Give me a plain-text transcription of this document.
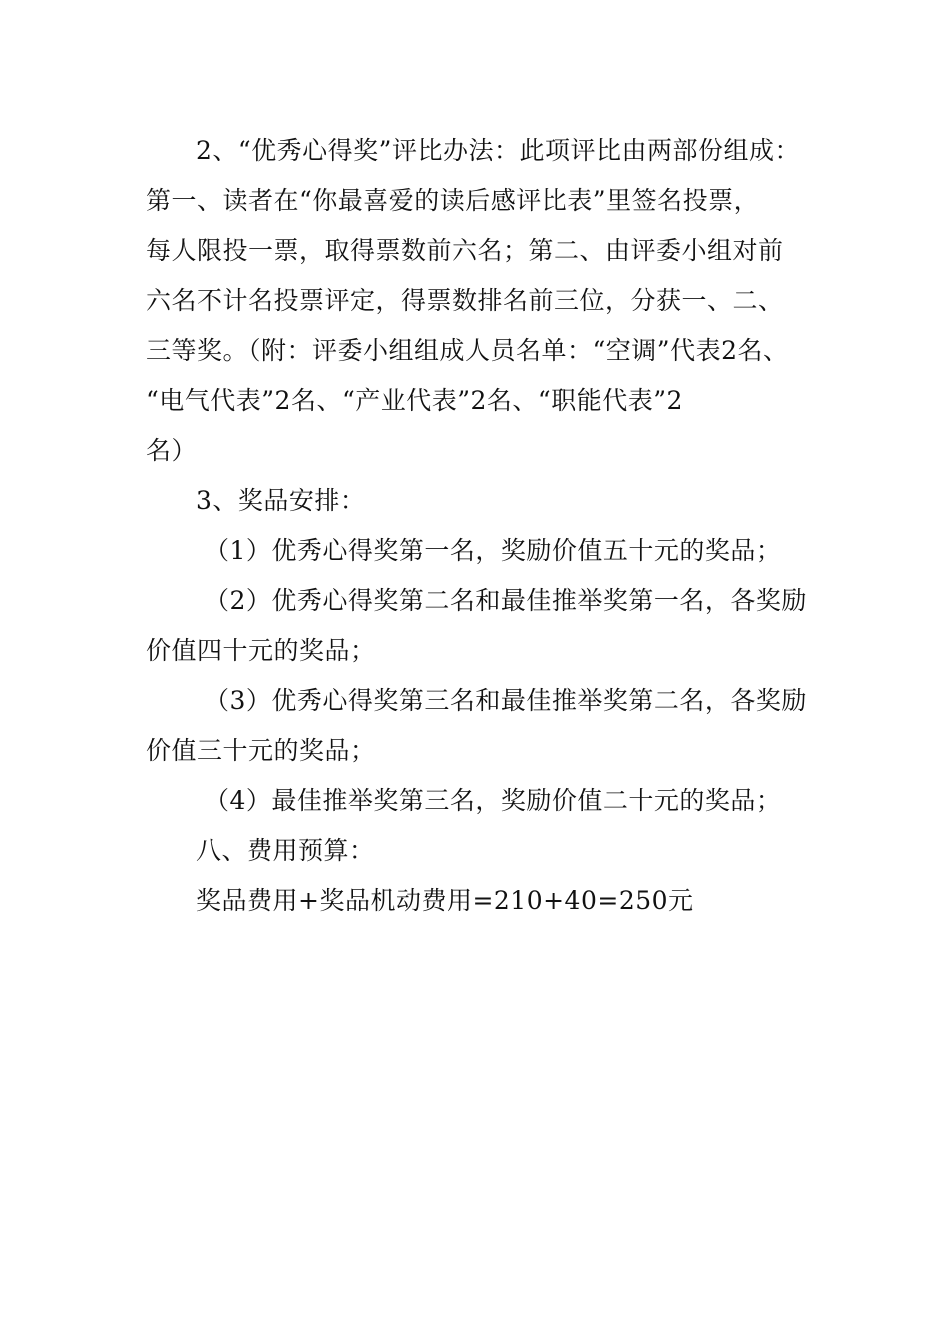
2、“优秀心得奖”评比办法：此项评比由两部份组成：
第一、读者在“你最喜爱的读后感评比表”里签名投票，
每人限投一票，取得票数前六名；第二、由评委小组对前
六名不计名投票评定，得票数排名前三位，分获一、二、
三等奖。（附：评委小组组成人员名单：“空调”代表2名、
“电气代表”2名、“产业代表”2名、“职能代表”2
名）
3、奖品安排：
（1）优秀心得奖第一名，奖励价值五十元的奖品；
（2）优秀心得奖第二名和最佳推举奖第一名，各奖励
价值四十元的奖品；
（3）优秀心得奖第三名和最佳推举奖第二名，各奖励
价值三十元的奖品；
（4）最佳推举奖第三名，奖励价值二十元的奖品；
八、费用预算：
奖品费用+奖品机动费用=210+40=250元
